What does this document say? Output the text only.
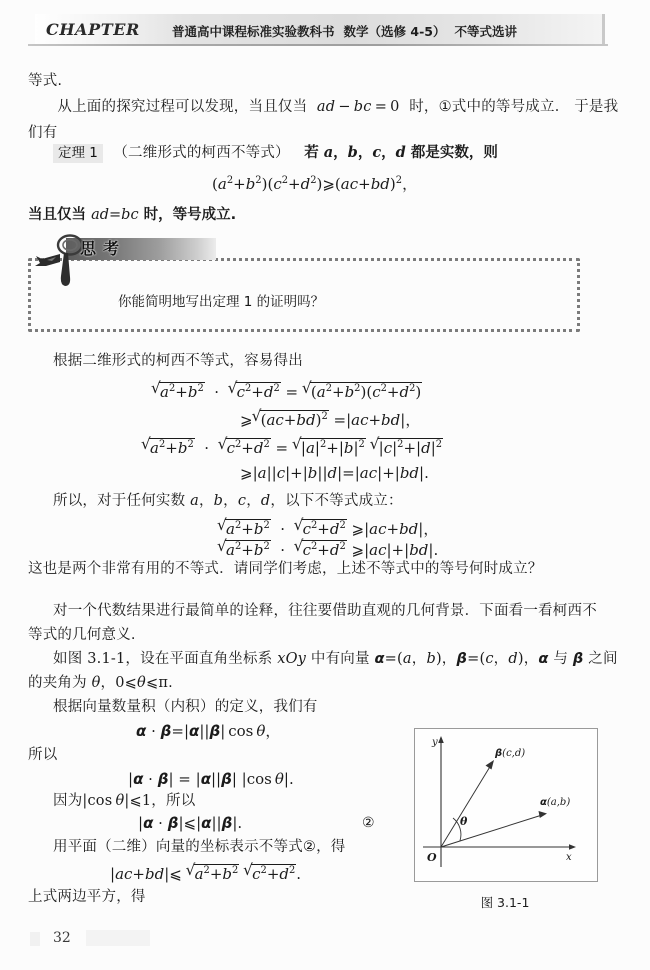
CHAPTER	普通高中课程标准实验教科书 数学（选修 4-5） 不等式选讲
等式.
　　从上面的探究过程可以发现，当且仅当  ad − bc = 0  时，①式中的等号成立． 于是我
们有
定理 1 （二维形式的柯西不等式） 若 a，b，c，d 都是实数，则
$(a^2+b^2)(c^2+d^2)⩾(ac+bd)^2$，
当且仅当 ad=bc 时，等号成立.
思考
你能简明地写出定理 1 的证明吗？
根据二维形式的柯西不等式，容易得出
√ $a^2+b^2$  ·  √ $c^2+d^2$ = √ $(a^2+b^2)(c^2+d^2)$
⩾ √ $(ac+bd)^2 =|ac+bd|$，
√ $a^2+b^2$  ·  √ $c^2+d^2$ = √ $|a|^2+|b|^2$ √ $|c|^2+|d|^2$
⩾|a||c|+|b||d|=|ac|+|bd|.
所以，对于任何实数 a，b，c，d，以下不等式成立：
√ $a^2+b^2$  ·  √ $c^2+d^2$ ⩾|ac+bd|，
√ $a^2+b^2$  ·  √ $c^2+d^2$ ⩾|ac|+|bd|.
这也是两个非常有用的不等式．请同学们考虑，上述不等式中的等号何时成立？
对一个代数结果进行最简单的诠释，往往要借助直观的几何背景．下面看一看柯西不
等式的几何意义.
如图 3.1-1，设在平面直角坐标系 xOy 中有向量 α=(a，b)，β=(c，d)，α 与 β 之间
的夹角为 θ，0⩽θ⩽π.
根据向量数量积（内积）的定义，我们有
α · β=|α||β| cos θ，
所以
|α · β| = |α||β| |cos θ|.
因为|cos θ|⩽1，所以
|α · β|⩽|α||β|.	②
用平面（二维）向量的坐标表示不等式②，得
|ac+bd|⩽ √ $a^2+b^2$ √ $c^2+d^2$.
上式两边平方，得
y
x
O
θ
β(c,d)
α(a,b)
图 3.1-1
32
